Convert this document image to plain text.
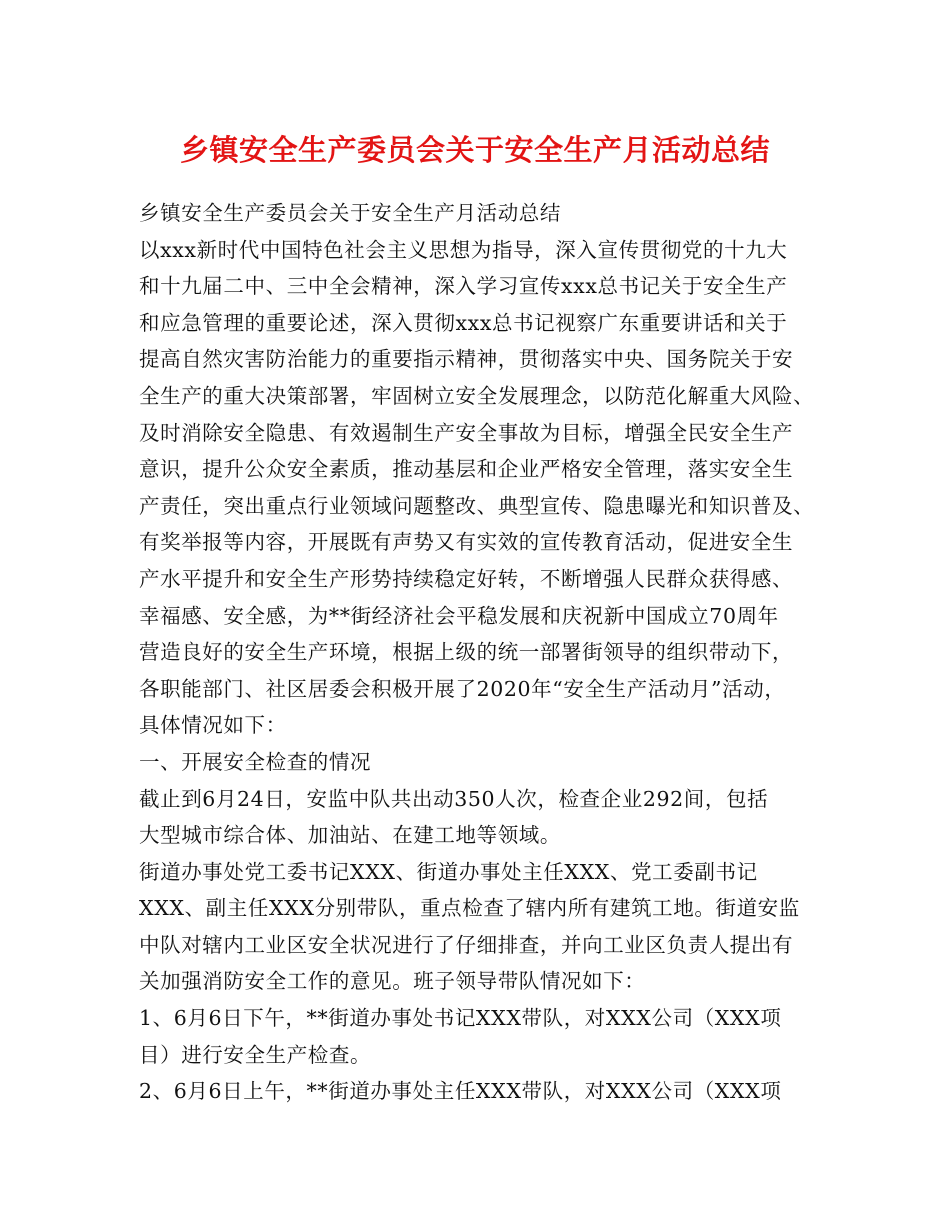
乡镇安全生产委员会关于安全生产月活动总结
乡镇安全生产委员会关于安全生产月活动总结
以xxx新时代中国特色社会主义思想为指导，深入宣传贯彻党的十九大
和十九届二中、三中全会精神，深入学习宣传xxx总书记关于安全生产
和应急管理的重要论述，深入贯彻xxx总书记视察广东重要讲话和关于
提高自然灾害防治能力的重要指示精神，贯彻落实中央、国务院关于安
全生产的重大决策部署，牢固树立安全发展理念，以防范化解重大风险、
及时消除安全隐患、有效遏制生产安全事故为目标，增强全民安全生产
意识，提升公众安全素质，推动基层和企业严格安全管理，落实安全生
产责任，突出重点行业领域问题整改、典型宣传、隐患曝光和知识普及、
有奖举报等内容，开展既有声势又有实效的宣传教育活动，促进安全生
产水平提升和安全生产形势持续稳定好转，不断增强人民群众获得感、
幸福感、安全感，为**街经济社会平稳发展和庆祝新中国成立70周年
营造良好的安全生产环境，根据上级的统一部署街领导的组织带动下，
各职能部门、社区居委会积极开展了2020年“安全生产活动月”活动，
具体情况如下：
一、开展安全检查的情况
截止到6月24日，安监中队共出动350人次，检查企业292间，包括
大型城市综合体、加油站、在建工地等领域。
街道办事处党工委书记XXX、街道办事处主任XXX、党工委副书记
XXX、副主任XXX分别带队，重点检查了辖内所有建筑工地。街道安监
中队对辖内工业区安全状况进行了仔细排查，并向工业区负责人提出有
关加强消防安全工作的意见。班子领导带队情况如下：
1、6月6日下午，**街道办事处书记XXX带队，对XXX公司（XXX项
目）进行安全生产检查。
2、6月6日上午，**街道办事处主任XXX带队，对XXX公司（XXX项
